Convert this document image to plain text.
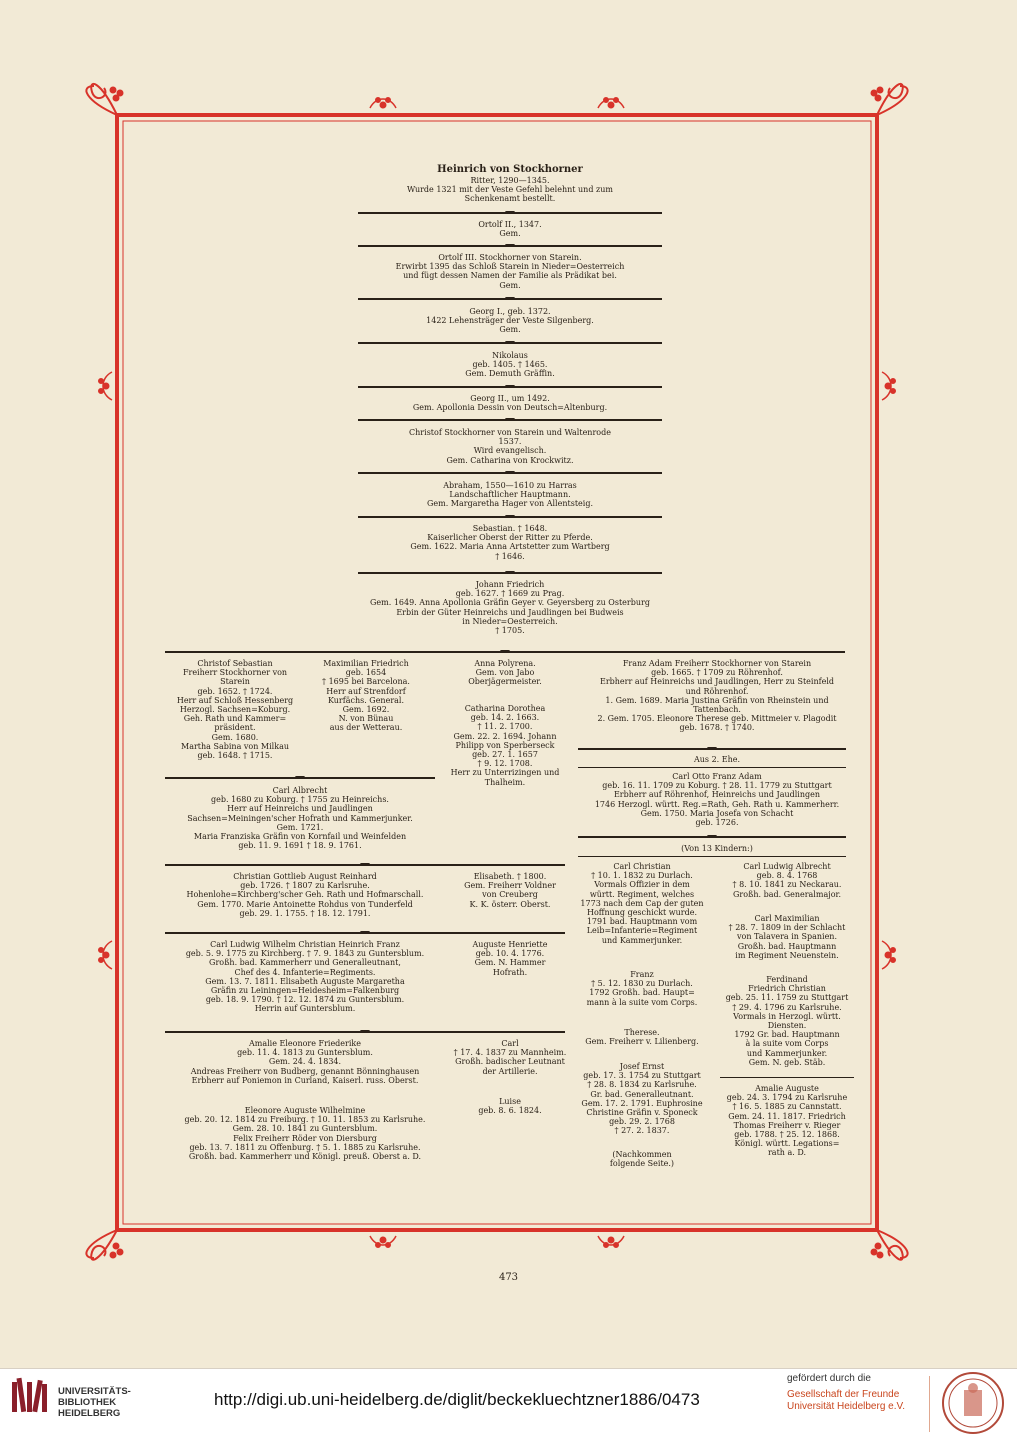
Heinrich von Stockhorner
Ritter, 1290—1345.
Wurde 1321 mit der Veste Gefehl belehnt und zum
Schenkenamt bestellt.
Ortolf II., 1347.
Gem.
Ortolf III. Stockhorner von Starein.
Erwirbt 1395 das Schloß Starein in Nieder=Oesterreich
und fügt dessen Namen der Familie als Prädikat bei.
Gem.
Georg I., geb. 1372.
1422 Lehensträger der Veste Silgenberg.
Gem.
Nikolaus
geb. 1405. † 1465.
Gem. Demuth Gräffin.
Georg II., um 1492.
Gem. Apollonia Dessin von Deutsch=Altenburg.
Christof Stockhorner von Starein und Waltenrode
1537.
Wird evangelisch.
Gem. Catharina von Krockwitz.
Abraham, 1550—1610 zu Harras
Landschaftlicher Hauptmann.
Gem. Margaretha Hager von Allentsteig.
Sebastian. † 1648.
Kaiserlicher Oberst der Ritter zu Pferde.
Gem. 1622. Maria Anna Artstetter zum Wartberg
† 1646.
Johann Friedrich
geb. 1627. † 1669 zu Prag.
Gem. 1649. Anna Apollonia Gräfin Geyer v. Geyersberg zu Osterburg
Erbin der Güter Heinreichs und Jaudlingen bei Budweis
in Nieder=Oesterreich.
† 1705.
Christof Sebastian
Freiherr Stockhorner von
Starein
geb. 1652. † 1724.
Herr auf Schloß Hessenberg
Herzogl. Sachsen=Koburg.
Geh. Rath und Kammer=
präsident.
Gem. 1680.
Martha Sabina von Milkau
geb. 1648. † 1715.
Maximilian Friedrich
geb. 1654
† 1695 bei Barcelona.
Herr auf Strenfdorf
Kurfächs. General.
Gem. 1692.
N. von Bünau
aus der Wetterau.
Anna Polyrena.
Gem. von Jabo
Oberjägermeister.
Catharina Dorothea
geb. 14. 2. 1663.
† 11. 2. 1700.
Gem. 22. 2. 1694. Johann
Philipp von Sperberseck
geb. 27. 1. 1657
† 9. 12. 1708.
Herr zu Unterrizingen und
Thalheim.
Franz Adam Freiherr Stockhorner von Starein
geb. 1665. † 1709 zu Röhrenhof.
Erbherr auf Heinreichs und Jaudlingen, Herr zu Steinfeld
und Röhrenhof.
1. Gem. 1689. Maria Justina Gräfin von Rheinstein und
Tattenbach.
2. Gem. 1705. Eleonore Therese geb. Mittmeier v. Plagodit
geb. 1678. † 1740.
Aus 2. Ehe.
Carl Otto Franz Adam
geb. 16. 11. 1709 zu Koburg. † 28. 11. 1779 zu Stuttgart
Erbherr auf Röhrenhof, Heinreichs und Jaudlingen
1746 Herzogl. württ. Reg.=Rath, Geh. Rath u. Kammerherr.
Gem. 1750. Maria Josefa von Schacht
geb. 1726.
(Von 13 Kindern:)
Carl Albrecht
geb. 1680 zu Koburg. † 1755 zu Heinreichs.
Herr auf Heinreichs und Jaudlingen
Sachsen=Meiningen'scher Hofrath und Kammerjunker.
Gem. 1721.
Maria Franziska Gräfin von Kornfail und Weinfelden
geb. 11. 9. 1691 † 18. 9. 1761.
Christian Gottlieb August Reinhard
geb. 1726. † 1807 zu Karlsruhe.
Hohenlohe=Kirchberg'scher Geh. Rath und Hofmarschall.
Gem. 1770. Marie Antoinette Rohdus von Tunderfeld
geb. 29. 1. 1755. † 18. 12. 1791.
Elisabeth. † 1800.
Gem. Freiherr Voldner
von Creuberg
K. K. österr. Oberst.
Carl Ludwig Wilhelm Christian Heinrich Franz
geb. 5. 9. 1775 zu Kirchberg. † 7. 9. 1843 zu Guntersblum.
Großh. bad. Kammerherr und Generalleutnant,
Chef des 4. Infanterie=Regiments.
Gem. 13. 7. 1811. Elisabeth Auguste Margaretha
Gräfin zu Leiningen=Heidesheim=Falkenburg
geb. 18. 9. 1790. † 12. 12. 1874 zu Guntersblum.
Herrin auf Guntersblum.
Auguste Henriette
geb. 10. 4. 1776.
Gem. N. Hammer
Hofrath.
Amalie Eleonore Friederike
geb. 11. 4. 1813 zu Guntersblum.
Gem. 24. 4. 1834.
Andreas Freiherr von Budberg, genannt Bönninghausen
Erbherr auf Poniemon in Curland, Kaiserl. russ. Oberst.
Carl
† 17. 4. 1837 zu Mannheim.
Großh. badischer Leutnant
der Artillerie.
Eleonore Auguste Wilhelmine
geb. 20. 12. 1814 zu Freiburg. † 10. 11. 1853 zu Karlsruhe.
Gem. 28. 10. 1841 zu Guntersblum.
Felix Freiherr Röder von Diersburg
geb. 13. 7. 1811 zu Offenburg. † 5. 1. 1885 zu Karlsruhe.
Großh. bad. Kammerherr und Königl. preuß. Oberst a. D.
Luise
geb. 8. 6. 1824.
Carl Christian
† 10. 1. 1832 zu Durlach.
Vormals Offizier in dem
württ. Regiment, welches
1773 nach dem Cap der guten
Hoffnung geschickt wurde.
1791 bad. Hauptmann vom
Leib=Infanterie=Regiment
und Kammerjunker.
Franz
† 5. 12. 1830 zu Durlach.
1792 Großh. bad. Haupt=
mann à la suite vom Corps.
Therese.
Gem. Freiherr v. Lilienberg.
Josef Ernst
geb. 17. 3. 1754 zu Stuttgart
† 28. 8. 1834 zu Karlsruhe.
Gr. bad. Generalleutnant.
Gem. 17. 2. 1791. Euphrosine
Christine Gräfin v. Sponeck
geb. 29. 2. 1768
† 27. 2. 1837.
(Nachkommen
folgende Seite.)
Carl Ludwig Albrecht
geb. 8. 4. 1768
† 8. 10. 1841 zu Neckarau.
Großh. bad. Generalmajor.
Carl Maximilian
† 28. 7. 1809 in der Schlacht
von Talavera in Spanien.
Großh. bad. Hauptmann
im Regiment Neuenstein.
Ferdinand
Friedrich Christian
geb. 25. 11. 1759 zu Stuttgart
† 29. 4. 1796 zu Karlsruhe.
Vormals in Herzogl. württ.
Diensten.
1792 Gr. bad. Hauptmann
à la suite vom Corps
und Kammerjunker.
Gem. N. geb. Stäb.
Amalie Auguste
geb. 24. 3. 1794 zu Karlsruhe
† 16. 5. 1885 zu Cannstatt.
Gem. 24. 11. 1817. Friedrich
Thomas Freiherr v. Rieger
geb. 1788. † 25. 12. 1868.
Königl. württ. Legations=
rath a. D.
473
UNIVERSITÄTS-
BIBLIOTHEK
HEIDELBERG
http://digi.ub.uni-heidelberg.de/diglit/beckekluechtzner1886/0473
gefördert durch die
Gesellschaft der Freunde
Universität Heidelberg e.V.
